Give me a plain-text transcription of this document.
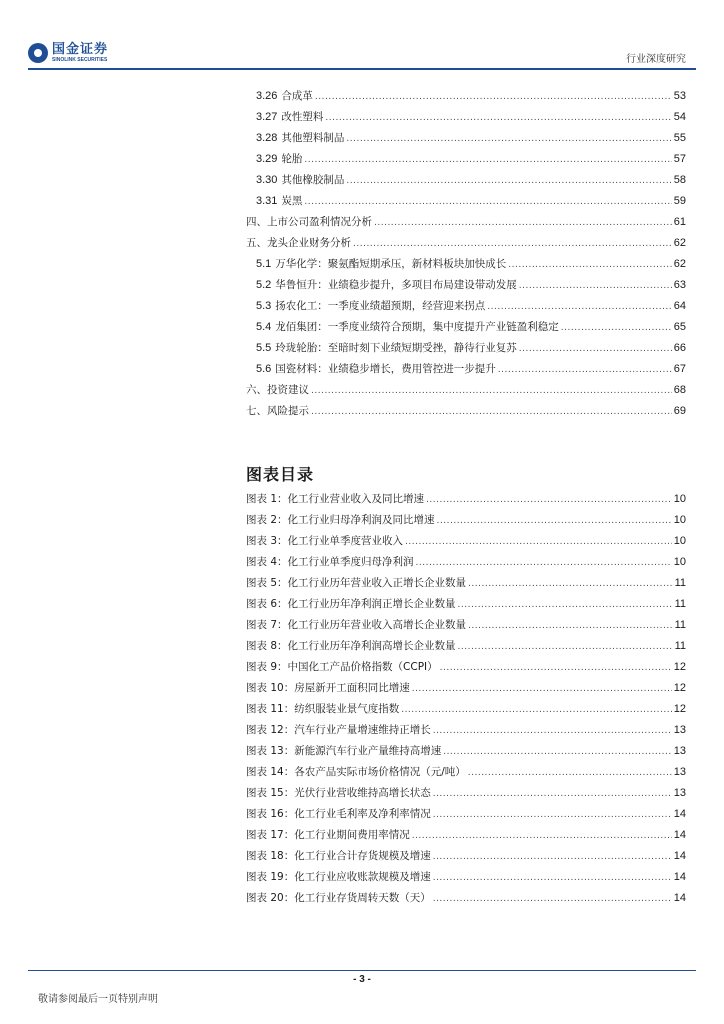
国金证券
SINOLINK SECURITIES	行业深度研究
3.26 合成革 .....	53
3.27 改性塑料 .....	54
3.28 其他塑料制品 .....	55
3.29 轮胎 .....	57
3.30 其他橡胶制品 .....	58
3.31 炭黑 .....	59
四、上市公司盈利情况分析 .....	61
五、龙头企业财务分析 .....	62
5.1 万华化学：聚氨酯短期承压，新材料板块加快成长 .....	62
5.2 华鲁恒升：业绩稳步提升，多项目布局建设带动发展 .....	63
5.3 扬农化工：一季度业绩超预期，经营迎来拐点 .....	64
5.4 龙佰集团：一季度业绩符合预期，集中度提升产业链盈利稳定 .....	65
5.5 玲珑轮胎：至暗时刻下业绩短期受挫，静待行业复苏 .....	66
5.6 国瓷材料：业绩稳步增长，费用管控进一步提升 .....	67
六、投资建议 .....	68
七、风险提示 .....	69
图表目录
图表 1：化工行业营业收入及同比增速 .....	10
图表 2：化工行业归母净利润及同比增速 .....	10
图表 3：化工行业单季度营业收入 .....	10
图表 4：化工行业单季度归母净利润 .....	10
图表 5：化工行业历年营业收入正增长企业数量 .....	11
图表 6：化工行业历年净利润正增长企业数量 .....	11
图表 7：化工行业历年营业收入高增长企业数量 .....	11
图表 8：化工行业历年净利润高增长企业数量 .....	11
图表 9：中国化工产品价格指数（CCPI） .....	12
图表 10：房屋新开工面积同比增速 .....	12
图表 11：纺织服装业景气度指数 .....	12
图表 12：汽车行业产量增速维持正增长 .....	13
图表 13：新能源汽车行业产量维持高增速 .....	13
图表 14：各农产品实际市场价格情况（元/吨） .....	13
图表 15：光伏行业营收维持高增长状态 .....	13
图表 16：化工行业毛利率及净利率情况 .....	14
图表 17：化工行业期间费用率情况 .....	14
图表 18：化工行业合计存货规模及增速 .....	14
图表 19：化工行业应收账款规模及增速 .....	14
图表 20：化工行业存货周转天数（天） .....	14
- 3 -
敬请参阅最后一页特别声明
